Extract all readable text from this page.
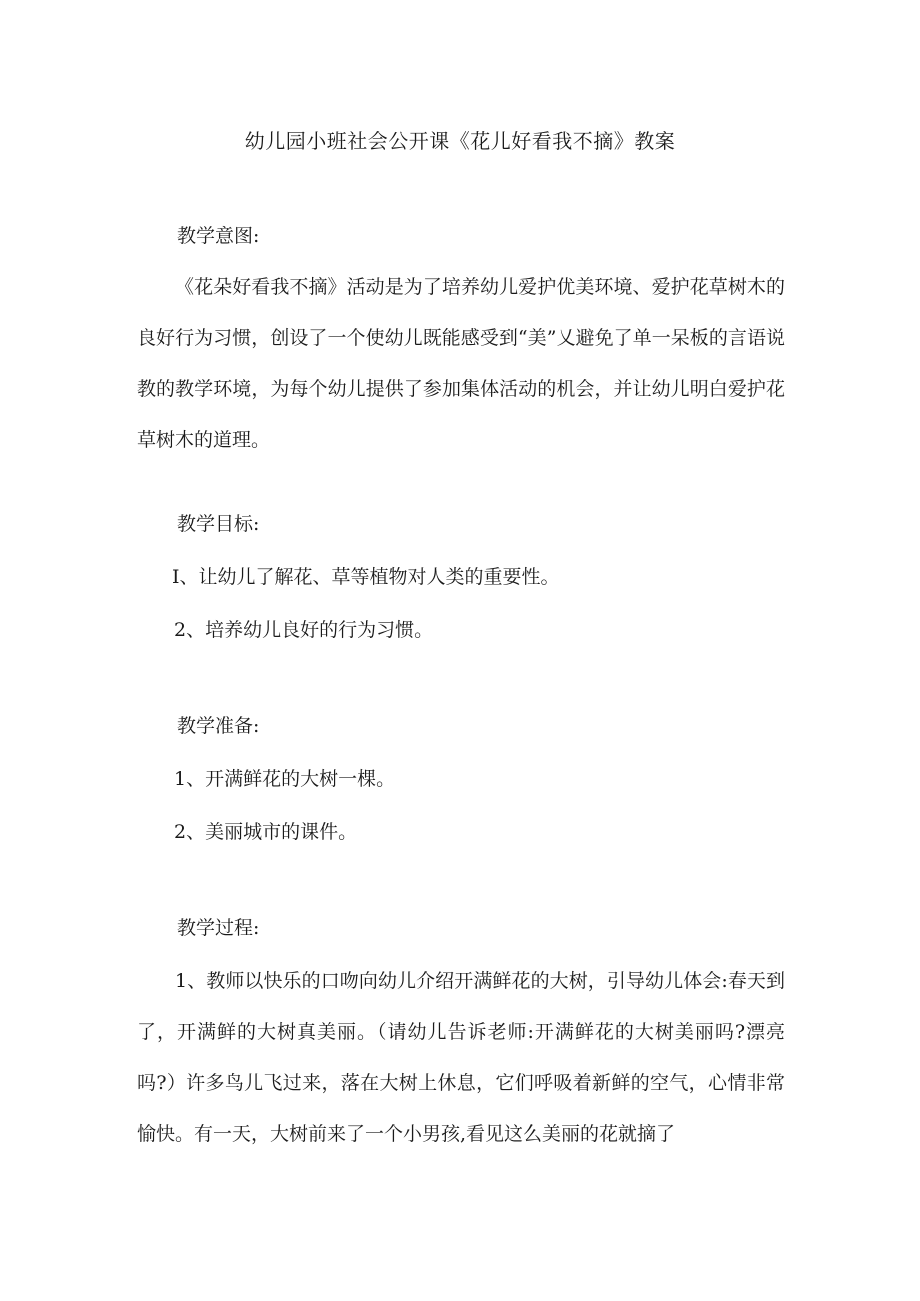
幼儿园小班社会公开课《花儿好看我不摘》教案

教学意图:

《花朵好看我不摘》活动是为了培养幼儿爱护优美环境、爱护花草树木的良好行为习惯，创设了一个使幼儿既能感受到“美”乂避免了单一呆板的言语说教的教学环境，为每个幼儿提供了参加集体活动的机会，并让幼儿明白爱护花草树木的道理。

教学目标:

I、让幼儿了解花、草等植物对人类的重要性。

2、培养幼儿良好的行为习惯。

教学准备:

1、开满鲜花的大树一棵。

2、美丽城市的课件。

教学过程:

1、教师以快乐的口吻向幼儿介绍开满鲜花的大树，引导幼儿体会:春天到了，开满鲜的大树真美丽。（请幼儿告诉老师:开满鲜花的大树美丽吗?漂亮吗?）许多鸟儿飞过来，落在大树上休息，它们呼吸着新鲜的空气，心情非常愉快。有一天，大树前来了一个小男孩,看见这么美丽的花就摘了
